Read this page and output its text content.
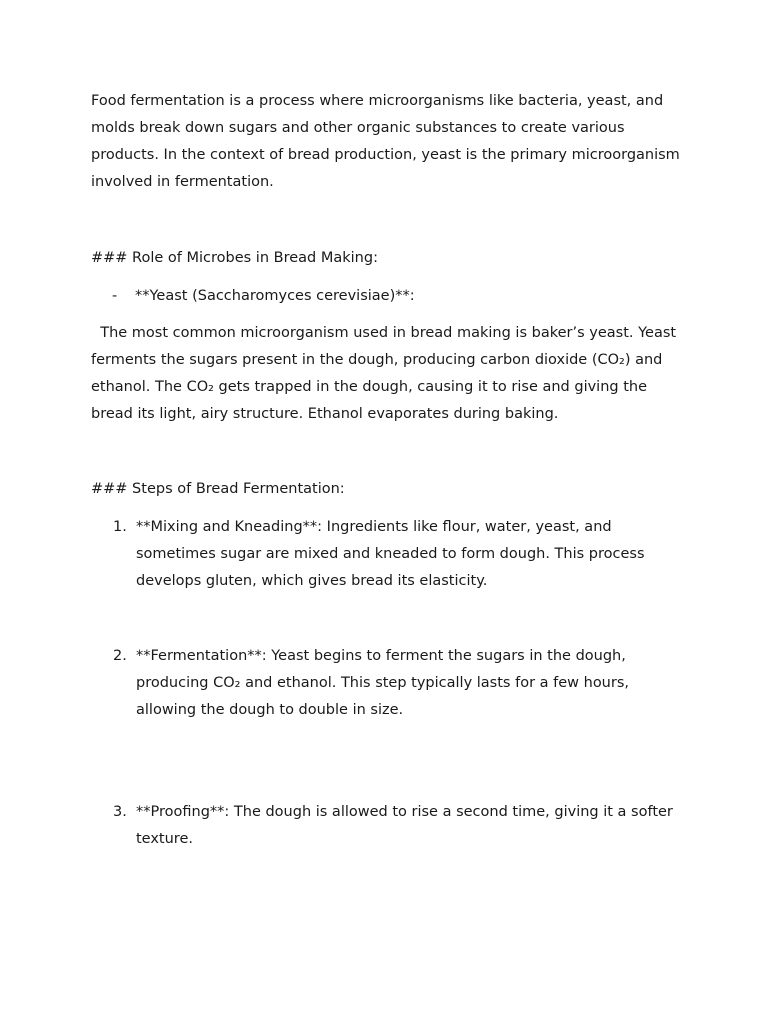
Food fermentation is a process where microorganisms like bacteria, yeast, and molds break down sugars and other organic substances to create various products. In the context of bread production, yeast is the primary microorganism involved in fermentation.

### Role of Microbes in Bread Making:

- **Yeast (Saccharomyces cerevisiae)**:

The most common microorganism used in bread making is baker’s yeast. Yeast ferments the sugars present in the dough, producing carbon dioxide (CO₂) and ethanol. The CO₂ gets trapped in the dough, causing it to rise and giving the bread its light, airy structure. Ethanol evaporates during baking.

### Steps of Bread Fermentation:

1. **Mixing and Kneading**: Ingredients like flour, water, yeast, and sometimes sugar are mixed and kneaded to form dough. This process develops gluten, which gives bread its elasticity.
2. **Fermentation**: Yeast begins to ferment the sugars in the dough, producing CO₂ and ethanol. This step typically lasts for a few hours, allowing the dough to double in size.
3. **Proofing**: The dough is allowed to rise a second time, giving it a softer texture.
